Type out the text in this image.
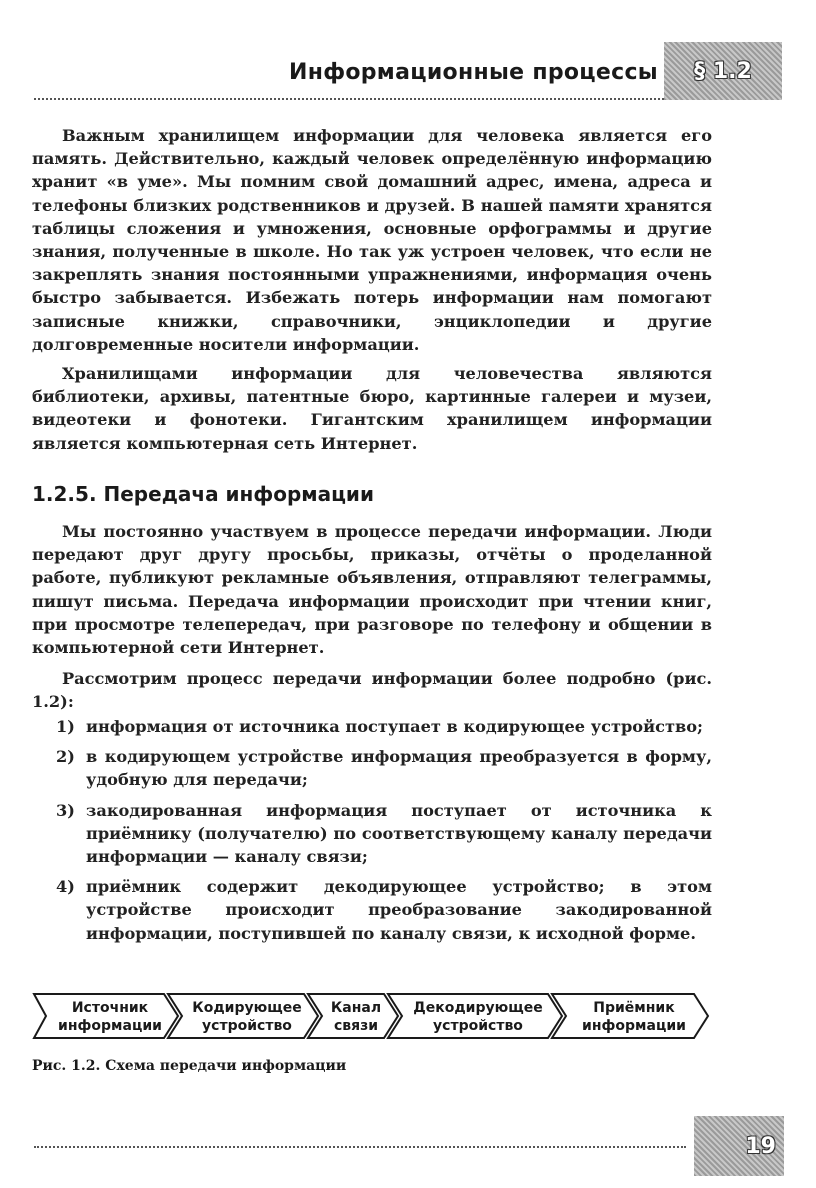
Информационные процессы § 1.2

Важным хранилищем информации для человека является его память. Действительно, каждый человек определённую информацию хранит «в уме». Мы помним свой домашний адрес, имена, адреса и телефоны близких родственников и друзей. В нашей памяти хранятся таблицы сложения и умножения, основные орфограммы и другие знания, полученные в школе. Но так уж устроен человек, что если не закреплять знания постоянными упражнениями, информация очень быстро забывается. Избежать потерь информации нам помогают записные книжки, справочники, энциклопедии и другие долговременные носители информации.

Хранилищами информации для человечества являются библиотеки, архивы, патентные бюро, картинные галереи и музеи, видеотеки и фонотеки. Гигантским хранилищем информации является компьютерная сеть Интернет.

1.2.5. Передача информации

Мы постоянно участвуем в процессе передачи информации. Люди передают друг другу просьбы, приказы, отчёты о проделанной работе, публикуют рекламные объявления, отправляют телеграммы, пишут письма. Передача информации происходит при чтении книг, при просмотре телепередач, при разговоре по телефону и общении в компьютерной сети Интернет.

Рассмотрим процесс передачи информации более подробно (рис. 1.2):

1) информация от источника поступает в кодирующее устройство;
2) в кодирующем устройстве информация преобразуется в форму, удобную для передачи;
3) закодированная информация поступает от источника к приёмнику (получателю) по соответствующему каналу передачи информации — каналу связи;
4) приёмник содержит декодирующее устройство; в этом устройстве происходит преобразование закодированной информации, поступившей по каналу связи, к исходной форме.
Источник
информации
Кодирующее
устройство
Канал
связи
Декодирующее
устройство
Приёмник
информации
Рис. 1.2. Схема передачи информации
19
